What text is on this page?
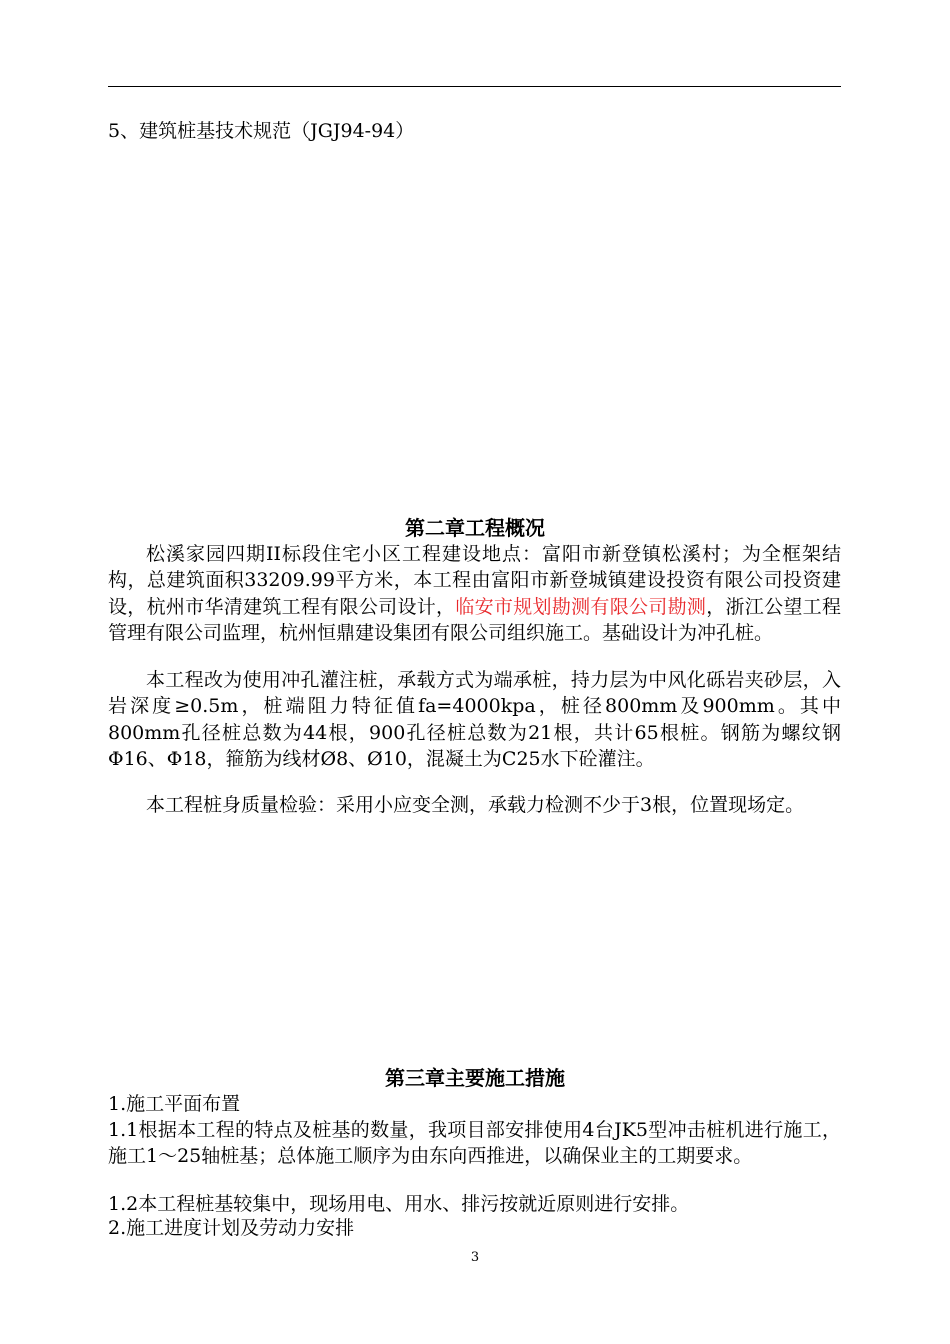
5、建筑桩基技术规范（JGJ94-94）
第二章工程概况
松溪家园四期II标段住宅小区工程建设地点：富阳市新登镇松溪村；为全框架结构，总建筑面积33209.99平方米，本工程由富阳市新登城镇建设投资有限公司投资建设，杭州市华清建筑工程有限公司设计，临安市规划勘测有限公司勘测，浙江公望工程管理有限公司监理，杭州恒鼎建设集团有限公司组织施工。基础设计为冲孔桩。
本工程改为使用冲孔灌注桩，承载方式为端承桩，持力层为中风化砾岩夹砂层，入岩深度≥0.5m，桩端阻力特征值fa=4000kpa，桩径800mm及900mm。其中800mm孔径桩总数为44根，900孔径桩总数为21根，共计65根桩。钢筋为螺纹钢Φ16、Φ18，箍筋为线材Ø8、Ø10，混凝土为C25水下砼灌注。
本工程桩身质量检验：采用小应变全测，承载力检测不少于3根，位置现场定。
第三章主要施工措施
1.施工平面布置
1.1根据本工程的特点及桩基的数量，我项目部安排使用4台JK5型冲击桩机进行施工，施工1～25轴桩基；总体施工顺序为由东向西推进，以确保业主的工期要求。
1.2本工程桩基较集中，现场用电、用水、排污按就近原则进行安排。
2.施工进度计划及劳动力安排
3
